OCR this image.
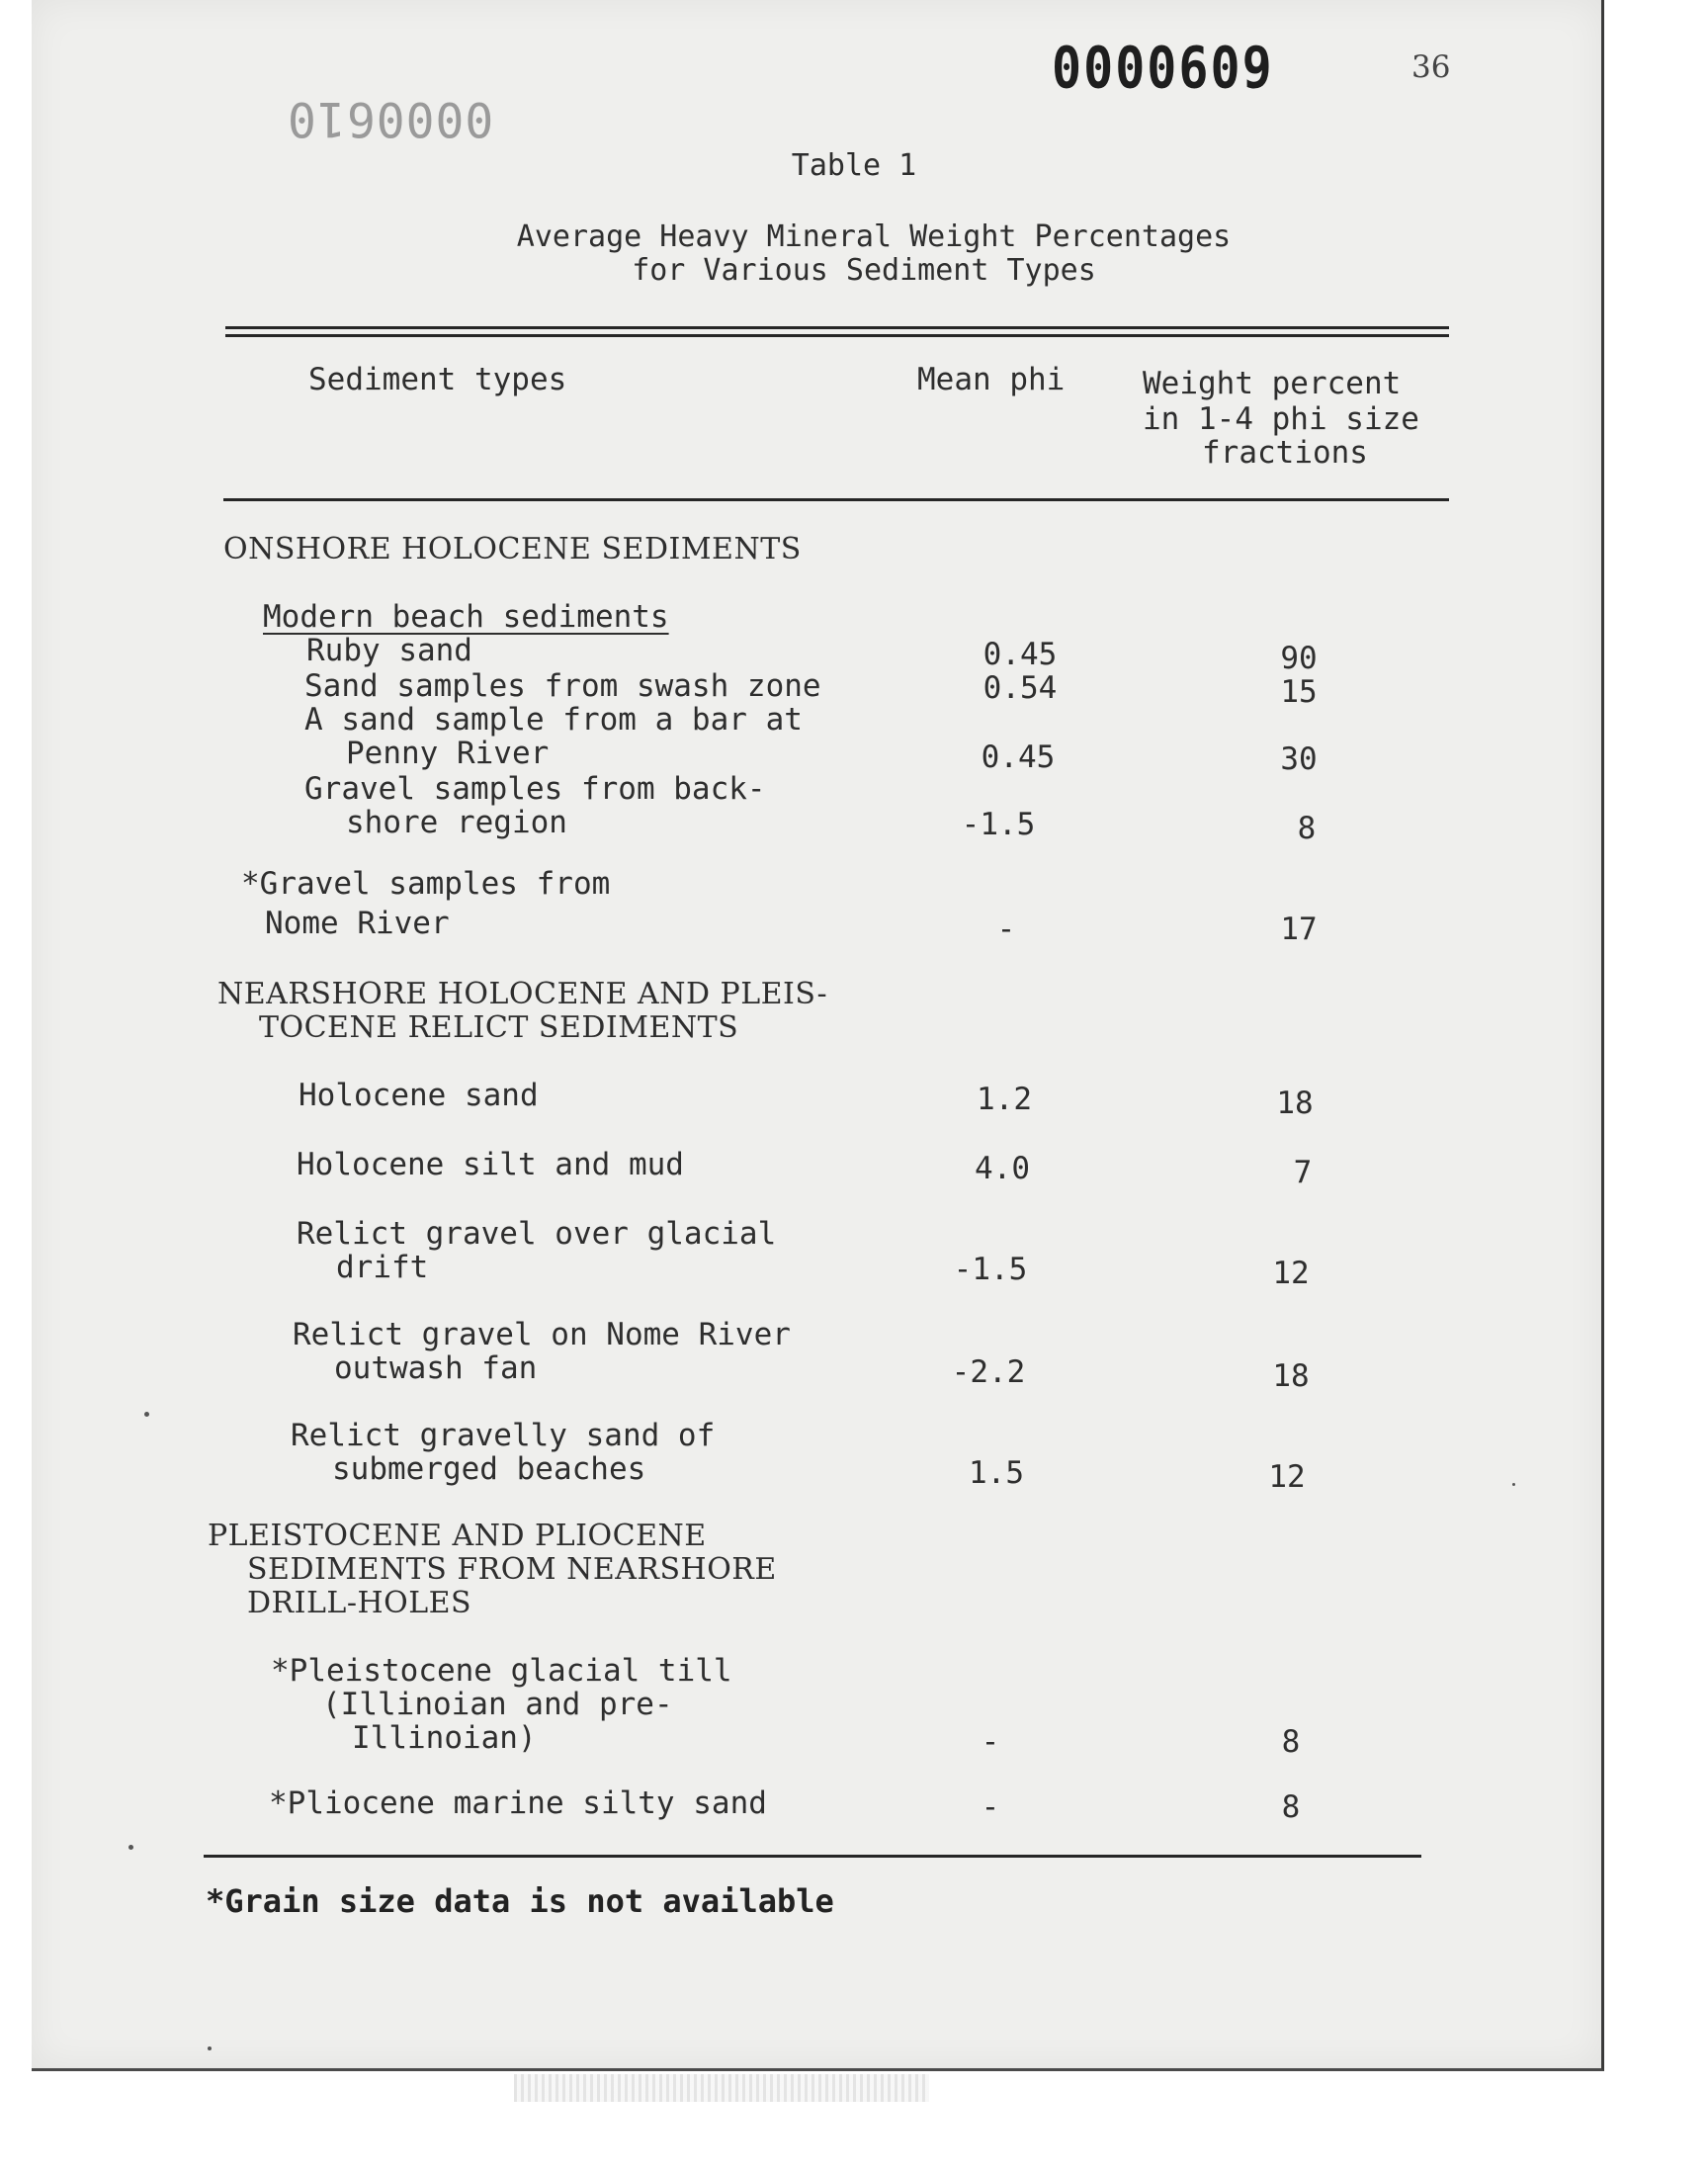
0000609
0000610
36
Table 1
Average Heavy Mineral Weight Percentages
for Various Sediment Types
Sediment types	Mean phi	Weight percent
in 1-4 phi size
fractions
ONSHORE HOLOCENE SEDIMENTS
Modern beach sediments
Ruby sand	0.45	90
Sand samples from swash zone	0.54	15
A sand sample from a bar at
Penny River	0.45	30
Gravel samples from back-
shore region	-1.5	8
*Gravel samples from
Nome River	-	17
NEARSHORE HOLOCENE AND PLEIS-
TOCENE RELICT SEDIMENTS
Holocene sand	1.2	18
Holocene silt and mud	4.0	7
Relict gravel over glacial
drift	-1.5	12
Relict gravel on Nome River
outwash fan	-2.2	18
Relict gravelly sand of
submerged beaches	1.5	12
PLEISTOCENE AND PLIOCENE
SEDIMENTS FROM NEARSHORE
DRILL-HOLES
*Pleistocene glacial till
(Illinoian and pre-
Illinoian)	-	8
*Pliocene marine silty sand	-	8
*Grain size data is not available
